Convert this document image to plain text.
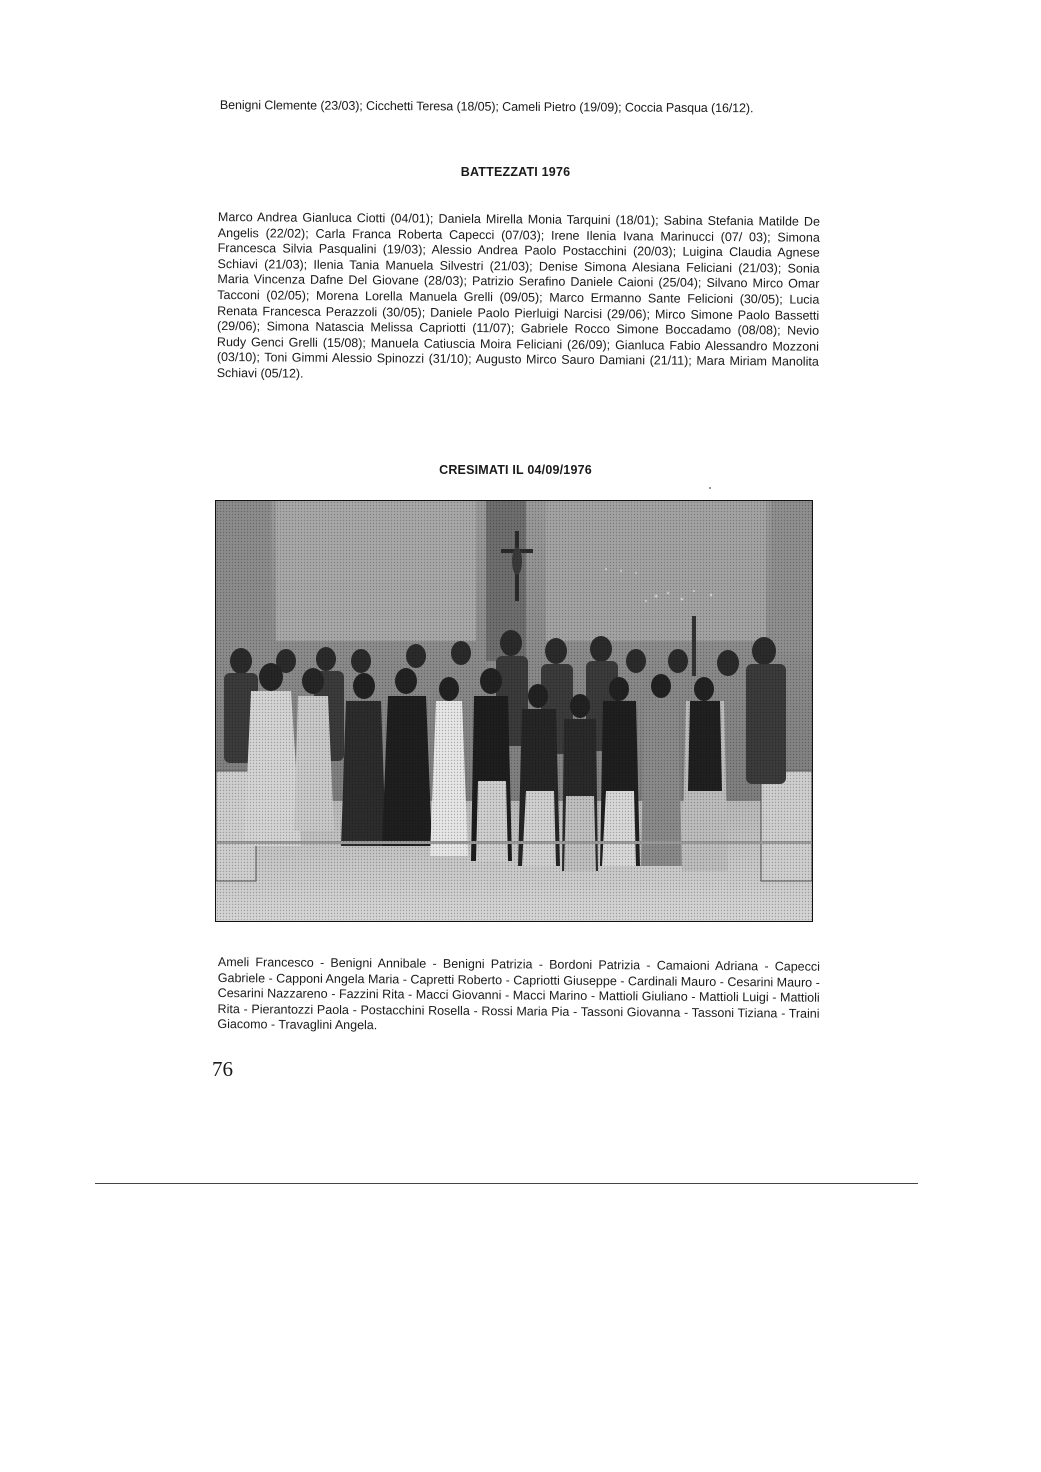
Benigni Clemente (23/03); Cicchetti Teresa (18/05); Cameli Pietro (19/09); Coccia Pasqua (16/12).
BATTEZZATI 1976
Marco Andrea Gianluca Ciotti (04/01); Daniela Mirella Monia Tarquini (18/01); Sabina Stefania Matilde De Angelis (22/02); Carla Franca Roberta Capecci (07/03); Irene Ilenia Ivana Marinucci (07/ 03); Simona Francesca Silvia Pasqualini (19/03); Alessio Andrea Paolo Postacchini (20/03); Luigina Claudia Agnese Schiavi (21/03); Ilenia Tania Manuela Silvestri (21/03); Denise Simona Alesiana Feliciani (21/03); Sonia Maria Vincenza Dafne Del Giovane (28/03); Patrizio Serafino Daniele Caioni (25/04); Silvano Mirco Omar Tacconi (02/05); Morena Lorella Manuela Grelli (09/05); Marco Ermanno Sante Felicioni (30/05); Lucia Renata Francesca Perazzoli (30/05); Daniele Paolo Pierluigi Narcisi (29/06); Mirco Simone Paolo Bassetti (29/06); Simona Natascia Melissa Capriotti (11/07); Gabriele Rocco Simone Boccadamo (08/08); Nevio Rudy Genci Grelli (15/08); Manuela Catiuscia Moira Feliciani (26/09); Gianluca Fabio Alessandro Mozzoni (03/10); Toni Gimmi Alessio Spinozzi (31/10); Augusto Mirco Sauro Damiani (21/11); Mara Miriam Manolita Schiavi (05/12).
CRESIMATI IL 04/09/1976
Ameli Francesco - Benigni Annibale - Benigni Patrizia - Bordoni Patrizia - Camaioni Adriana - Capecci Gabriele - Capponi Angela Maria - Capretti Roberto - Capriotti Giuseppe - Cardinali Mauro - Cesarini Mauro - Cesarini Nazzareno - Fazzini Rita - Macci Giovanni - Macci Marino - Mattioli Giuliano - Mattioli Luigi - Mattioli Rita - Pierantozzi Paola - Postacchini Rosella - Rossi Maria Pia - Tassoni Giovanna - Tassoni Tiziana - Traini Giacomo - Travaglini Angela.
76
